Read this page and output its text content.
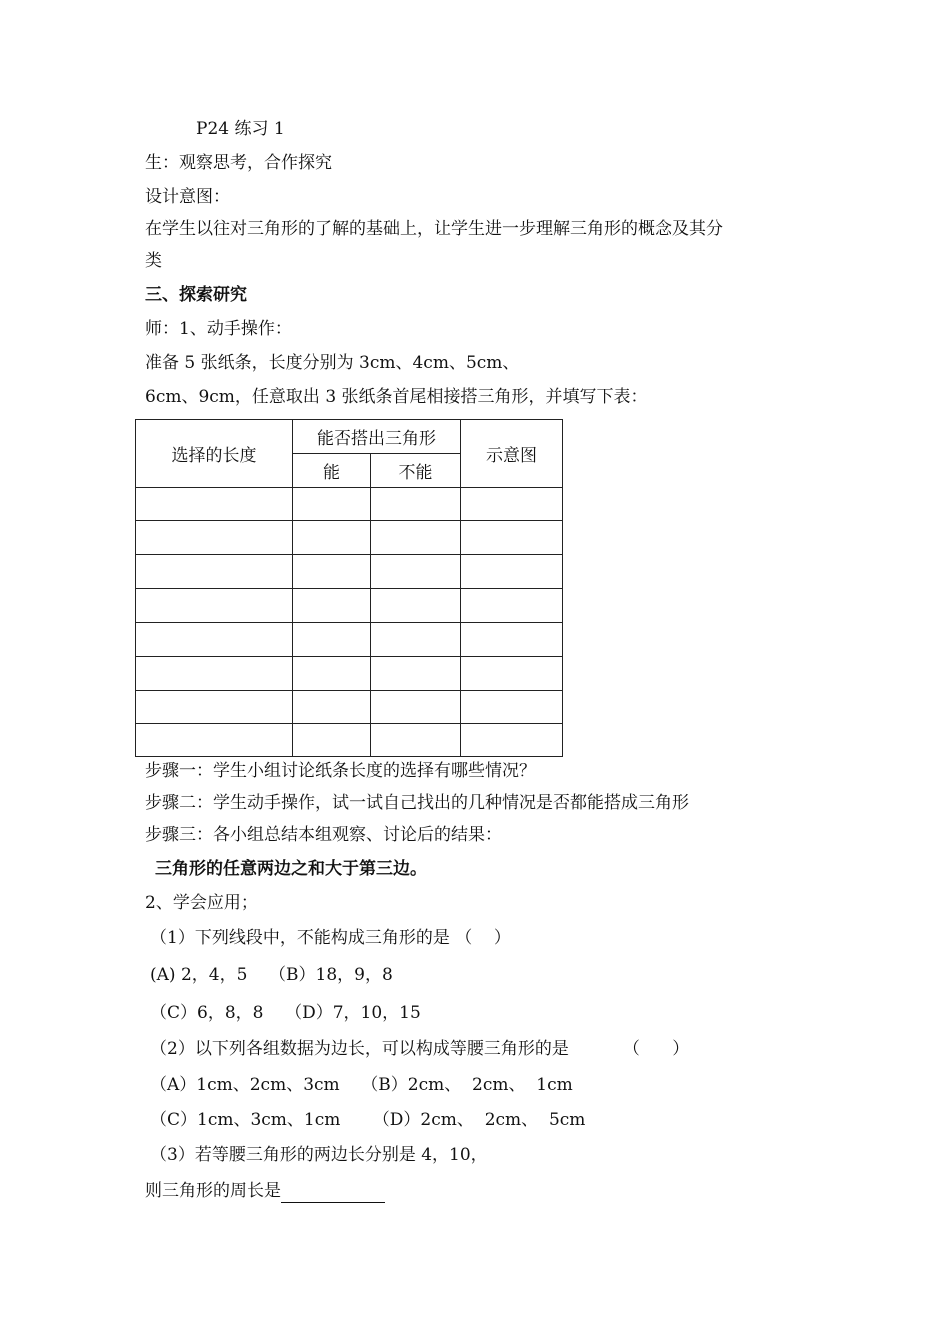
P24 练习 1
生：观察思考，合作探究
设计意图：
在学生以往对三角形的了解的基础上，让学生进一步理解三角形的概念及其分
类
三、探索研究
师：1、动手操作：
准备 5 张纸条，长度分别为 3cm、4cm、5cm、
6cm、9cm，任意取出 3 张纸条首尾相接搭三角形，并填写下表：
选择的长度	能否搭出三角形		示意图
	能	不能	

步骤一：学生小组讨论纸条长度的选择有哪些情况？
步骤二：学生动手操作，试一试自己找出的几种情况是否都能搭成三角形
步骤三：各小组总结本组观察、讨论后的结果：
三角形的任意两边之和大于第三边。
2、学会应用；
（1）下列线段中，不能构成三角形的是 （    ）
(A) 2，4，5    （B）18，9，8
（C）6，8，8    （D）7，10，15
（2）以下列各组数据为边长，可以构成等腰三角形的是          （      ）
（A）1cm、2cm、3cm    （B）2cm、  2cm、  1cm
（C）1cm、3cm、1cm      （D）2cm、  2cm、  5cm
（3）若等腰三角形的两边长分别是 4，10，
则三角形的周长是
